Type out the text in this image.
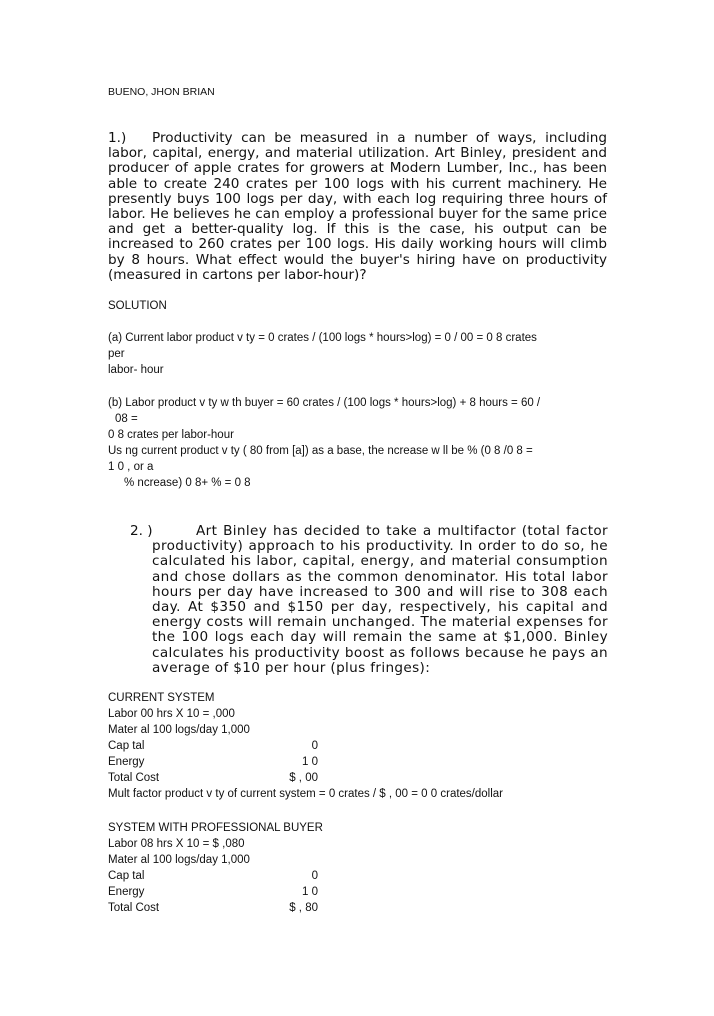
BUENO, JHON BRIAN
1.) Productivity can be measured in a number of ways, including labor, capital, energy, and material utilization. Art Binley, president and producer of apple crates for growers at Modern Lumber, Inc., has been able to create 240 crates per 100 logs with his current machinery. He presently buys 100 logs per day, with each log requiring three hours of labor. He believes he can employ a professional buyer for the same price and get a better-quality log. If this is the case, his output can be increased to 260 crates per 100 logs. His daily working hours will climb by 8 hours. What effect would the buyer's hiring have on productivity (measured in cartons per labor-hour)?
SOLUTION
(a) Current labor product v ty = 0 crates / (100 logs * hours>log) = 0 / 00 = 0 8 crates
per
labor- hour
(b) Labor product v ty w th buyer = 60 crates / (100 logs * hours>log) + 8 hours = 60 /
08 =
0 8 crates per labor-hour
Us ng current product v ty ( 80 from [a]) as a base, the ncrease w ll be % (0 8 /0 8 =
1 0 , or a
% ncrease) 0 8+ % = 0 8
2. )	Art Binley has decided to take a multifactor (total factor productivity) approach to his productivity. In order to do so, he calculated his labor, capital, energy, and material consumption and chose dollars as the common denominator. His total labor hours per day have increased to 300 and will rise to 308 each day. At $350 and $150 per day, respectively, his capital and energy costs will remain unchanged. The material expenses for the 100 logs each day will remain the same at $1,000. Binley calculates his productivity boost as follows because he pays an average of $10 per hour (plus fringes):
CURRENT SYSTEM
Labor 00 hrs X 10 = ,000
Mater al 100 logs/day 1,000
Cap tal	0
Energy	1 0
Total Cost	$ , 00
Mult factor product v ty of current system = 0 crates / $ , 00 = 0 0 crates/dollar
SYSTEM WITH PROFESSIONAL BUYER
Labor 08 hrs X 10 = $ ,080
Mater al 100 logs/day 1,000
Cap tal	0
Energy	1 0
Total Cost	$ , 80
